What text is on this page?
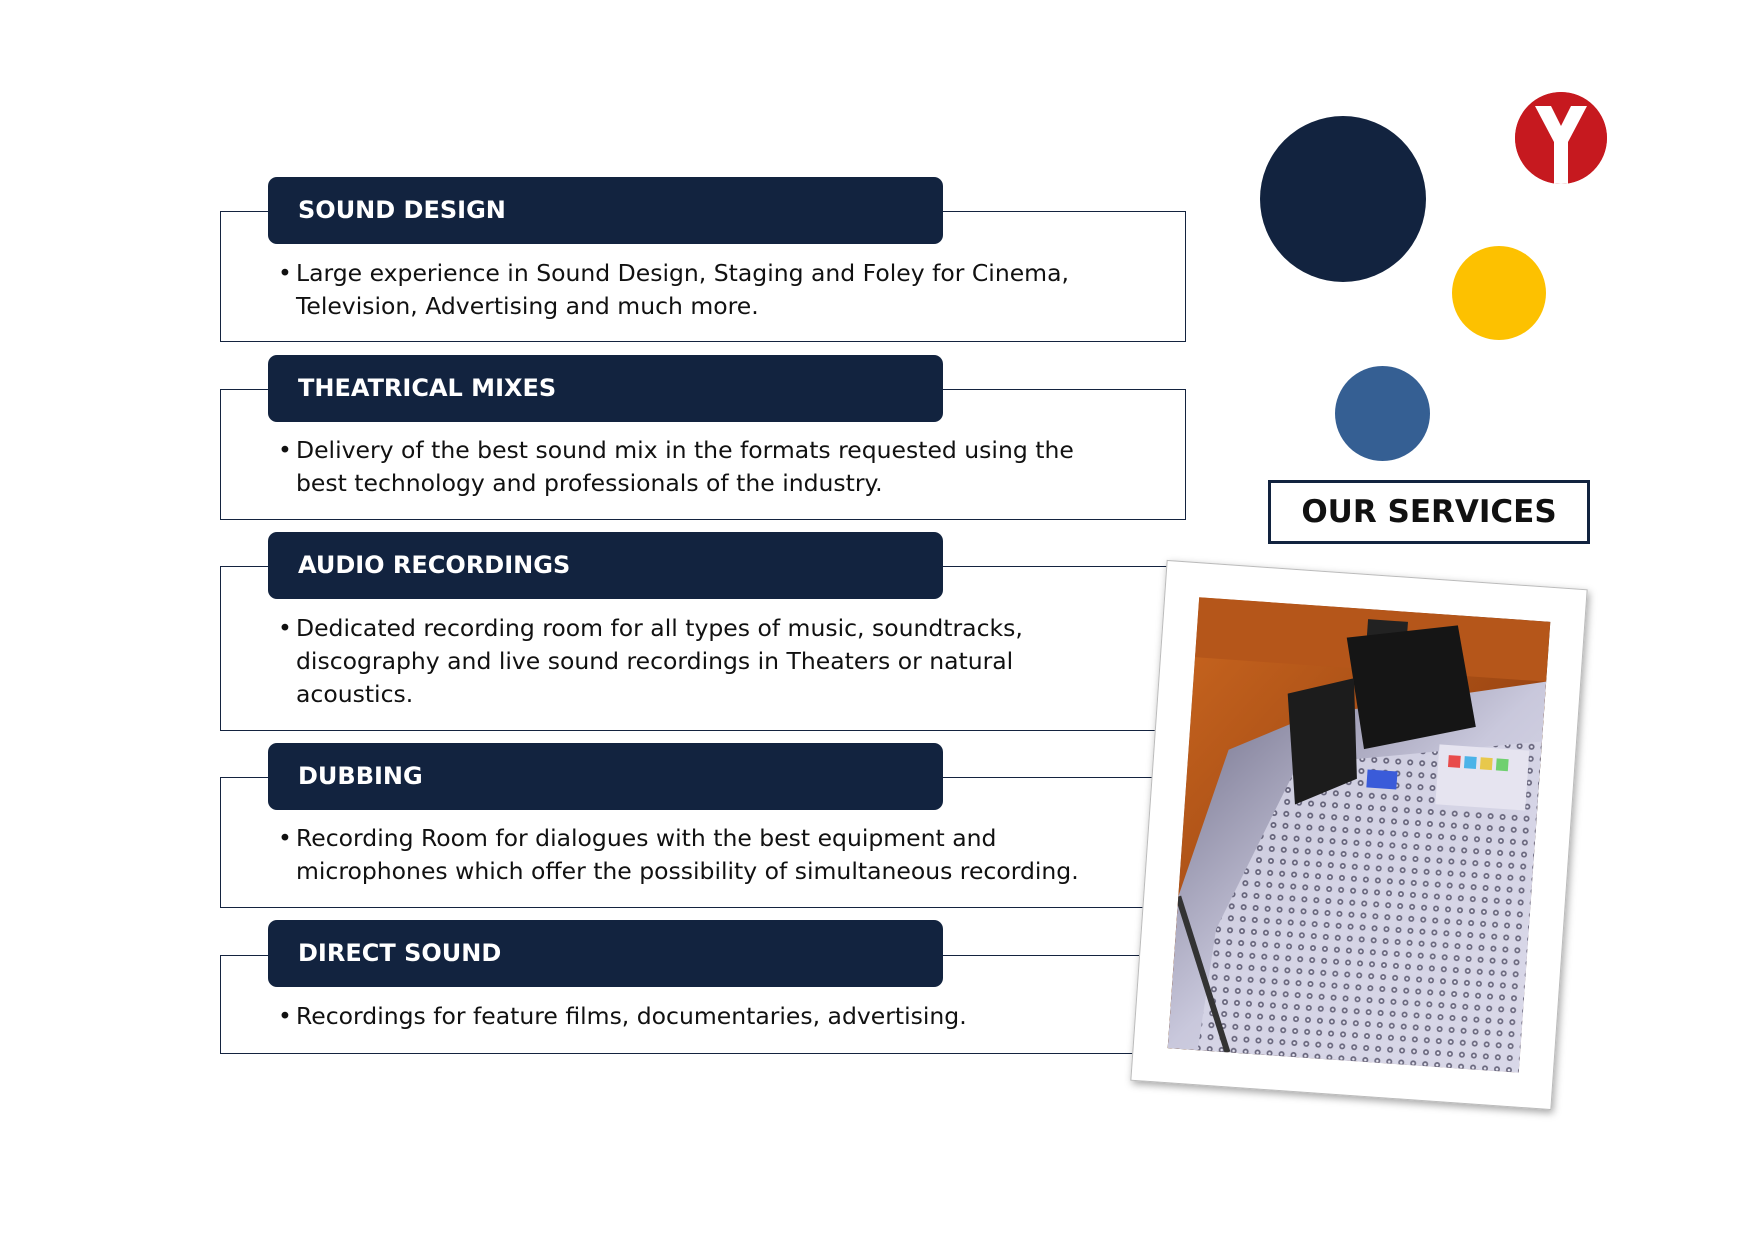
SOUND DESIGN
• Large experience in Sound Design, Staging and Foley for Cinema,
Television, Advertising and much more.
THEATRICAL MIXES
• Delivery of the best sound mix in the formats requested using the
best technology and professionals of the industry.
AUDIO RECORDINGS
• Dedicated recording room for all types of music, soundtracks,
discography and live sound recordings in Theaters or natural
acoustics.
DUBBING
• Recording Room for dialogues with the best equipment and
microphones which offer the possibility of simultaneous recording.
DIRECT SOUND
• Recordings for feature films, documentaries, advertising.
OUR SERVICES
